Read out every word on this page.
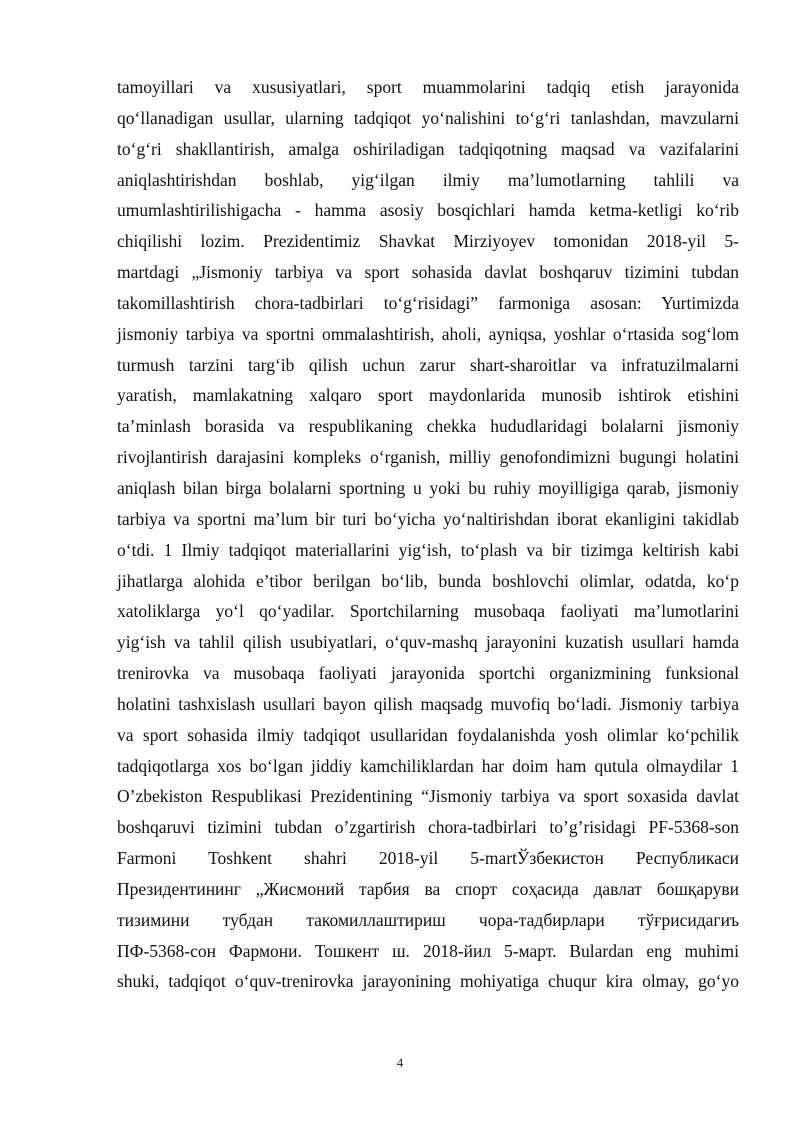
tamoyillari va xususiyatlari, sport muammolarini tadqiq etish jarayonida
qo‘llanadigan usullar, ularning tadqiqot yo‘nalishini to‘g‘ri tanlashdan, mavzularni
to‘g‘ri shakllantirish, amalga oshiriladigan tadqiqotning maqsad va vazifalarini
aniqlashtirishdan boshlab, yig‘ilgan ilmiy ma’lumotlarning tahlili va
umumlashtirilishigacha - hamma asosiy bosqichlari hamda ketma-ketligi ko‘rib
chiqilishi lozim. Prezidentimiz Shavkat Mirziyoyev tomonidan 2018-yil 5-
martdagi „Jismoniy tarbiya va sport sohasida davlat boshqaruv tizimini tubdan
takomillashtirish chora-tadbirlari to‘g‘risidagi” farmoniga asosan: Yurtimizda
jismoniy tarbiya va sportni ommalashtirish, aholi, ayniqsa, yoshlar o‘rtasida sog‘lom
turmush tarzini targ‘ib qilish uchun zarur shart-sharoitlar va infratuzilmalarni
yaratish, mamlakatning xalqaro sport maydonlarida munosib ishtirok etishini
ta’minlash borasida va respublikaning chekka hududlaridagi bolalarni jismoniy
rivojlantirish darajasini kompleks o‘rganish, milliy genofondimizni bugungi holatini
aniqlash bilan birga bolalarni sportning u yoki bu ruhiy moyilligiga qarab, jismoniy
tarbiya va sportni ma’lum bir turi bo‘yicha yo‘naltirishdan iborat ekanligini takidlab
o‘tdi. 1 Ilmiy tadqiqot materiallarini yig‘ish, to‘plash va bir tizimga keltirish kabi
jihatlarga alohida e’tibor berilgan bo‘lib, bunda boshlovchi olimlar, odatda, ko‘p
xatoliklarga yo‘l qo‘yadilar. Sportchilarning musobaqa faoliyati ma’lumotlarini
yig‘ish va tahlil qilish usubiyatlari, o‘quv-mashq jarayonini kuzatish usullari hamda
trenirovka va musobaqa faoliyati jarayonida sportchi organizmining funksional
holatini tashxislash usullari bayon qilish maqsadg muvofiq bo‘ladi. Jismoniy tarbiya
va sport sohasida ilmiy tadqiqot usullaridan foydalanishda yosh olimlar ko‘pchilik
tadqiqotlarga xos bo‘lgan jiddiy kamchiliklardan har doim ham qutula olmaydilar 1
O’zbekiston Respublikasi Prezidentining “Jismoniy tarbiya va sport soxasida davlat
boshqaruvi tizimini tubdan o’zgartirish chora-tadbirlari to’g’risidagi PF-5368-son
Farmoni Toshkent shahri 2018-yil 5-martЎзбекистон Республикаси
Президентининг „Жисмоний тарбия ва спорт соҳасида давлат бошқаруви
тизимини тубдан такомиллаштириш чора-тадбирлари тўғрисидагиъ
ПФ-5368-сон Фармони. Тошкент ш. 2018-йил 5-март. Bulardan eng muhimi
shuki, tadqiqot o‘quv-trenirovka jarayonining mohiyatiga chuqur kira olmay, go‘yo
4
